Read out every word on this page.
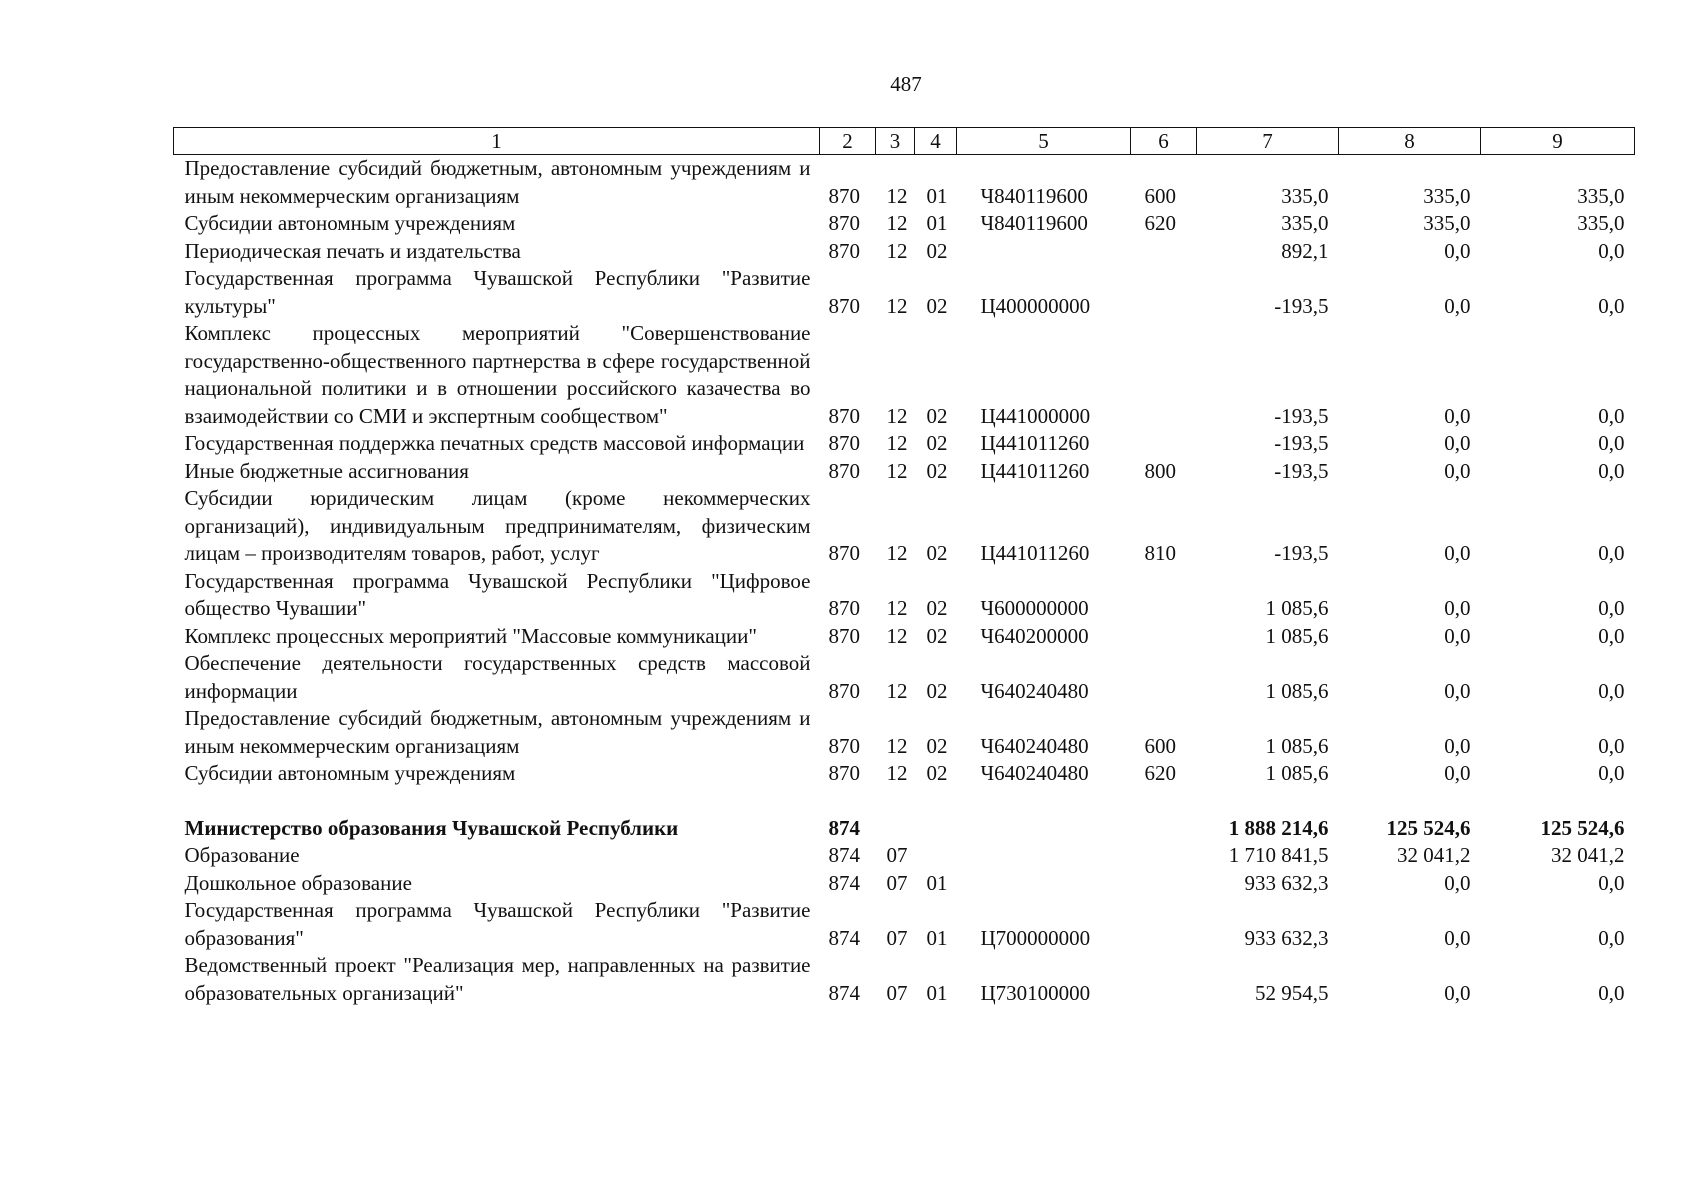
487
1	2	3	4	5	6	7	8	9
Предоставление субсидий бюджетным, автономным учреждениям и иным некоммерческим организациям	870	12	01	Ч840119600	600	335,0	335,0	335,0
Субсидии автономным учреждениям	870	12	01	Ч840119600	620	335,0	335,0	335,0
Периодическая печать и издательства	870	12	02			892,1	0,0	0,0
Государственная программа Чувашской Республики "Развитие культуры"	870	12	02	Ц400000000		-193,5	0,0	0,0
Комплекс процессных мероприятий "Совершенствование государственно-общественного партнерства в сфере государственной национальной политики и в отношении российского казачества во взаимодействии со СМИ и экспертным сообществом"	870	12	02	Ц441000000		-193,5	0,0	0,0
Государственная поддержка печатных средств массовой информации	870	12	02	Ц441011260		-193,5	0,0	0,0
Иные бюджетные ассигнования	870	12	02	Ц441011260	800	-193,5	0,0	0,0
Субсидии юридическим лицам (кроме некоммерческих организаций), индивидуальным предпринимателям, физическим лицам – производителям товаров, работ, услуг	870	12	02	Ц441011260	810	-193,5	0,0	0,0
Государственная программа Чувашской Республики "Цифровое общество Чувашии"	870	12	02	Ч600000000		1 085,6	0,0	0,0
Комплекс процессных мероприятий "Массовые коммуникации"	870	12	02	Ч640200000		1 085,6	0,0	0,0
Обеспечение деятельности государственных средств массовой информации	870	12	02	Ч640240480		1 085,6	0,0	0,0
Предоставление субсидий бюджетным, автономным учреждениям и иным некоммерческим организациям	870	12	02	Ч640240480	600	1 085,6	0,0	0,0
Субсидии автономным учреждениям	870	12	02	Ч640240480	620	1 085,6	0,0	0,0

Министерство образования Чувашской Республики	874					1 888 214,6	125 524,6	125 524,6
Образование	874	07				1 710 841,5	32 041,2	32 041,2
Дошкольное образование	874	07	01			933 632,3	0,0	0,0
Государственная программа Чувашской Республики "Развитие образования"	874	07	01	Ц700000000		933 632,3	0,0	0,0
Ведомственный проект "Реализация мер, направленных на развитие образовательных организаций"	874	07	01	Ц730100000		52 954,5	0,0	0,0
